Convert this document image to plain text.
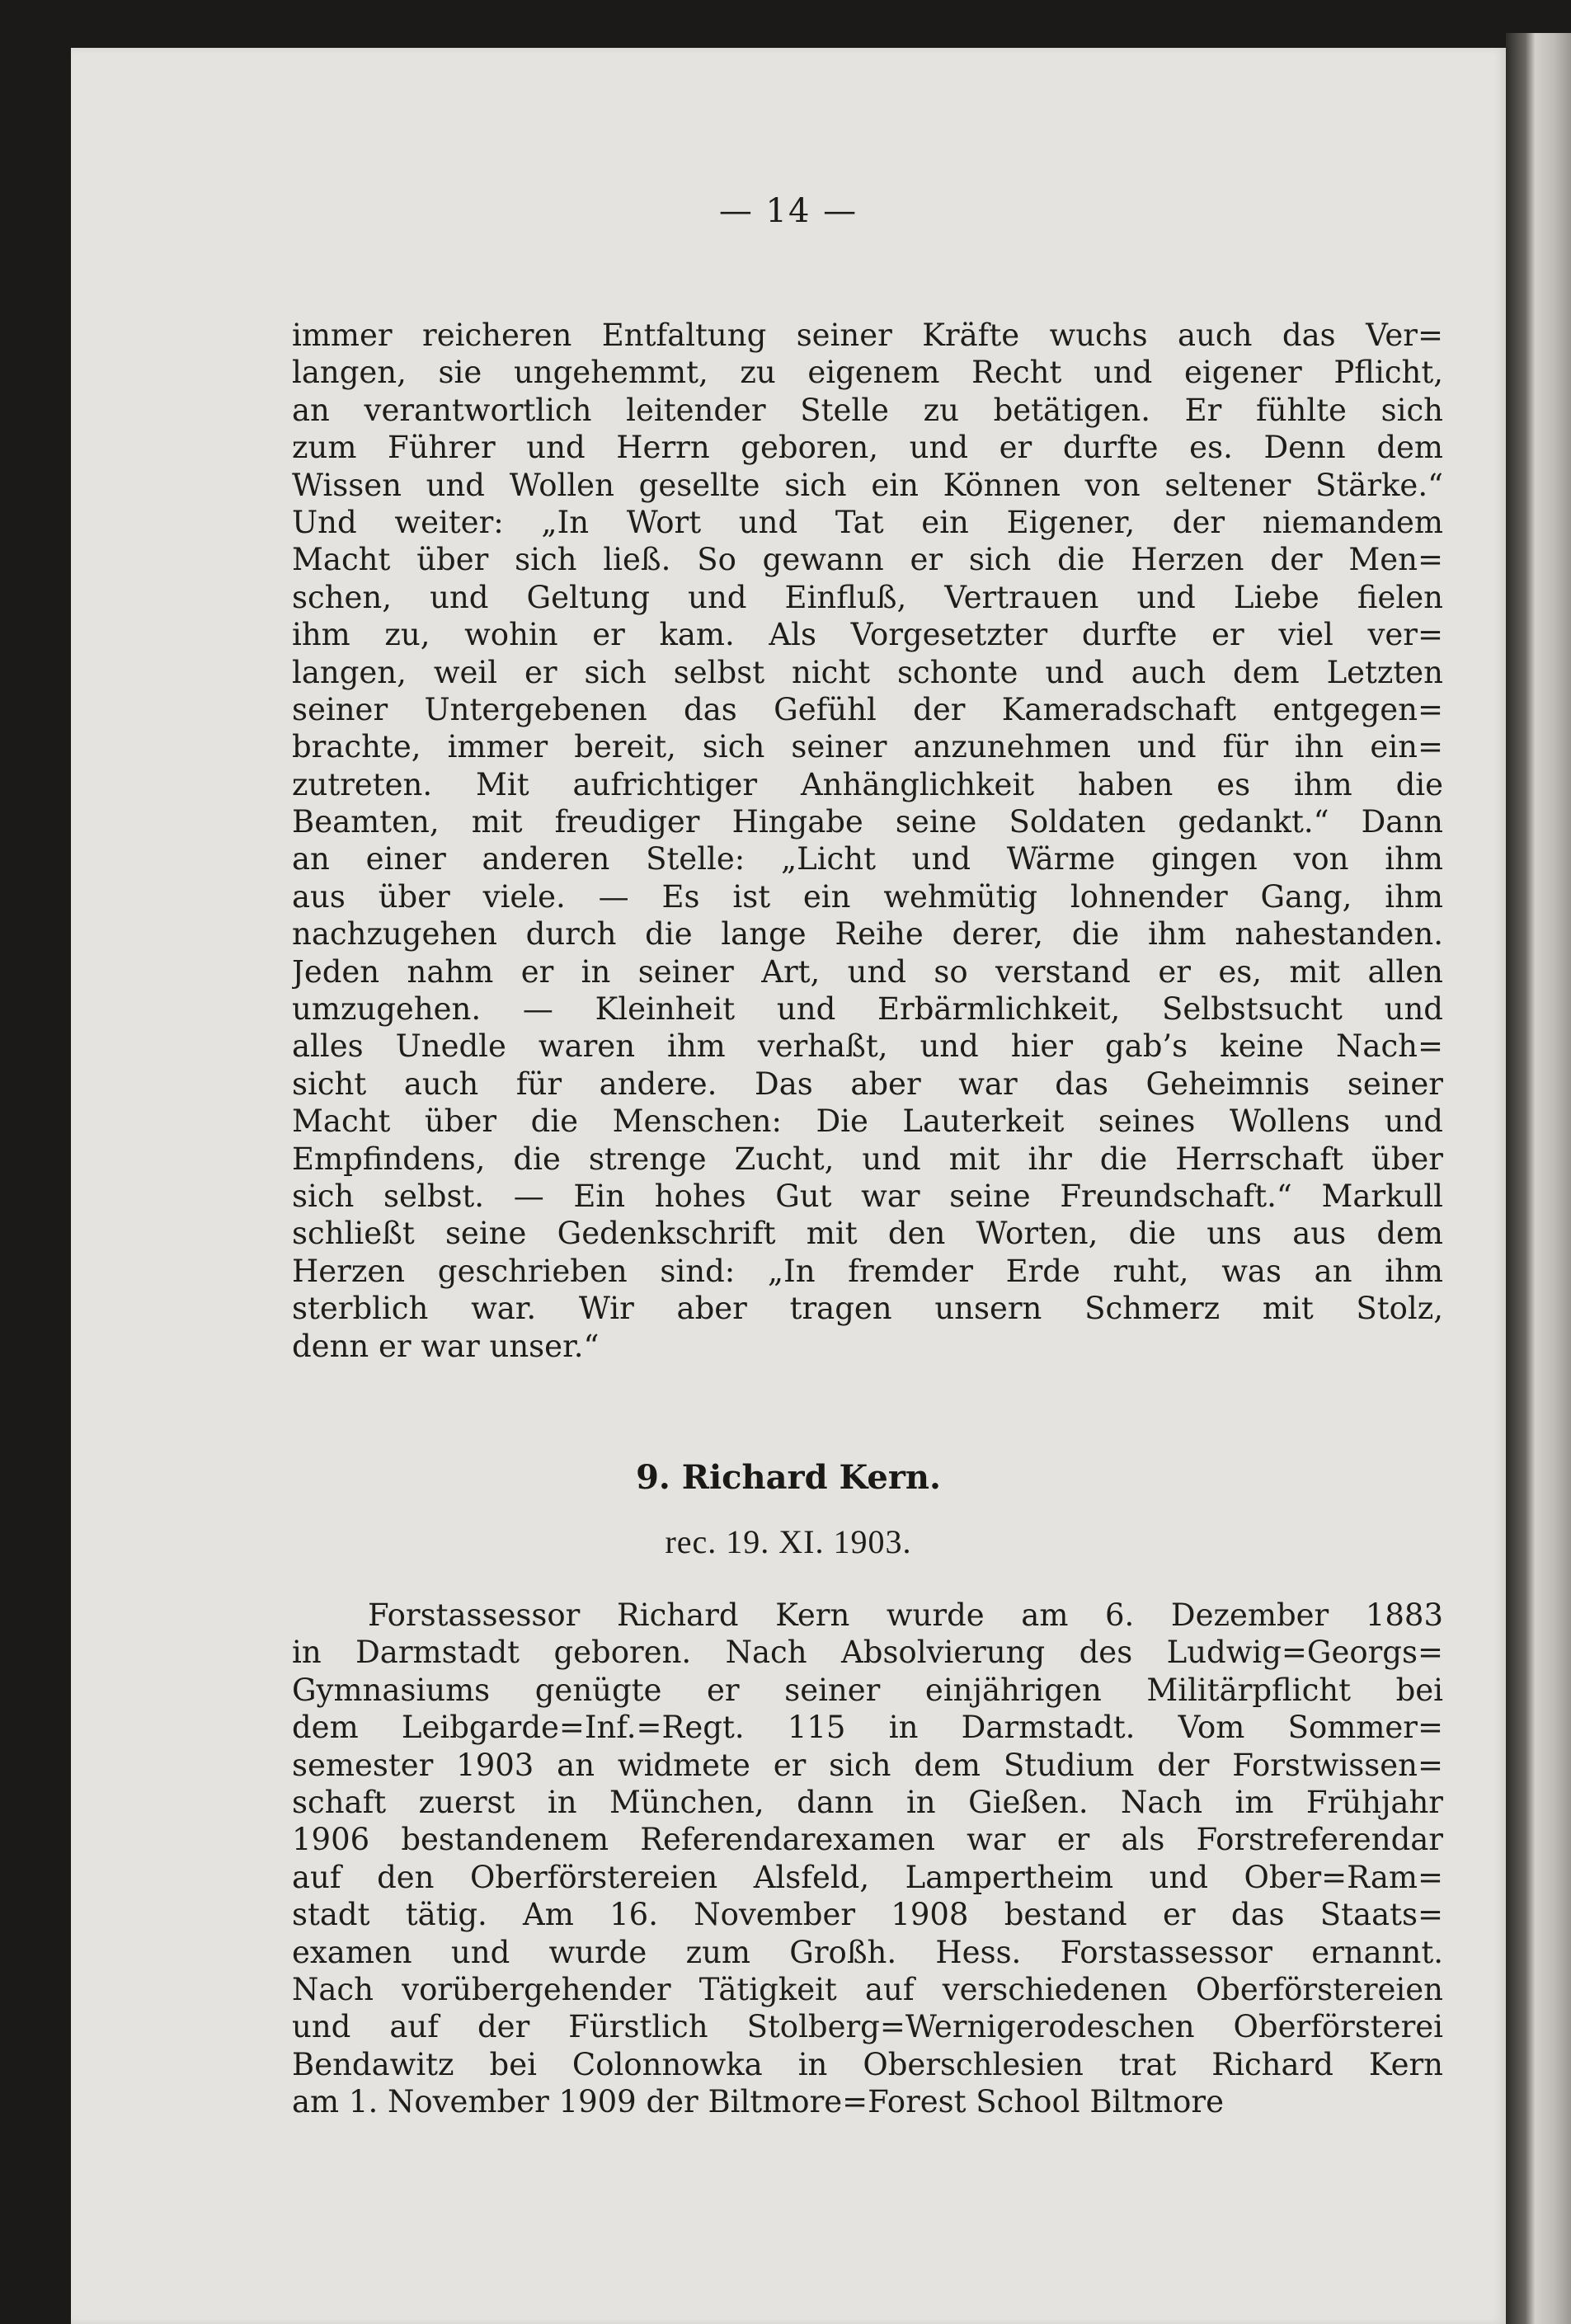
— 14 —
immer reicheren Entfaltung seiner Kräfte wuchs auch das Ver=
langen, sie ungehemmt, zu eigenem Recht und eigener Pflicht,
an verantwortlich leitender Stelle zu betätigen. Er fühlte sich
zum Führer und Herrn geboren, und er durfte es. Denn dem
Wissen und Wollen gesellte sich ein Können von seltener Stärke.“
Und weiter: „In Wort und Tat ein Eigener, der niemandem
Macht über sich ließ. So gewann er sich die Herzen der Men=
schen, und Geltung und Einfluß, Vertrauen und Liebe fielen
ihm zu, wohin er kam. Als Vorgesetzter durfte er viel ver=
langen, weil er sich selbst nicht schonte und auch dem Letzten
seiner Untergebenen das Gefühl der Kameradschaft entgegen=
brachte, immer bereit, sich seiner anzunehmen und für ihn ein=
zutreten. Mit aufrichtiger Anhänglichkeit haben es ihm die
Beamten, mit freudiger Hingabe seine Soldaten gedankt.“ Dann
an einer anderen Stelle: „Licht und Wärme gingen von ihm
aus über viele. — Es ist ein wehmütig lohnender Gang, ihm
nachzugehen durch die lange Reihe derer, die ihm nahestanden.
Jeden nahm er in seiner Art, und so verstand er es, mit allen
umzugehen. — Kleinheit und Erbärmlichkeit, Selbstsucht und
alles Unedle waren ihm verhaßt, und hier gab’s keine Nach=
sicht auch für andere. Das aber war das Geheimnis seiner
Macht über die Menschen: Die Lauterkeit seines Wollens und
Empfindens, die strenge Zucht, und mit ihr die Herrschaft über
sich selbst. — Ein hohes Gut war seine Freundschaft.“ Markull
schließt seine Gedenkschrift mit den Worten, die uns aus dem
Herzen geschrieben sind: „In fremder Erde ruht, was an ihm
sterblich war. Wir aber tragen unsern Schmerz mit Stolz,
denn er war unser.“
9. Richard Kern.
rec. 19. XI. 1903.
Forstassessor Richard Kern wurde am 6. Dezember 1883
in Darmstadt geboren. Nach Absolvierung des Ludwig=Georgs=
Gymnasiums genügte er seiner einjährigen Militärpflicht bei
dem Leibgarde=Inf.=Regt. 115 in Darmstadt. Vom Sommer=
semester 1903 an widmete er sich dem Studium der Forstwissen=
schaft zuerst in München, dann in Gießen. Nach im Frühjahr
1906 bestandenem Referendarexamen war er als Forstreferendar
auf den Oberförstereien Alsfeld, Lampertheim und Ober=Ram=
stadt tätig. Am 16. November 1908 bestand er das Staats=
examen und wurde zum Großh. Hess. Forstassessor ernannt.
Nach vorübergehender Tätigkeit auf verschiedenen Oberförstereien
und auf der Fürstlich Stolberg=Wernigerodeschen Oberförsterei
Bendawitz bei Colonnowka in Oberschlesien trat Richard Kern
am 1. November 1909 der Biltmore=Forest School Biltmore
